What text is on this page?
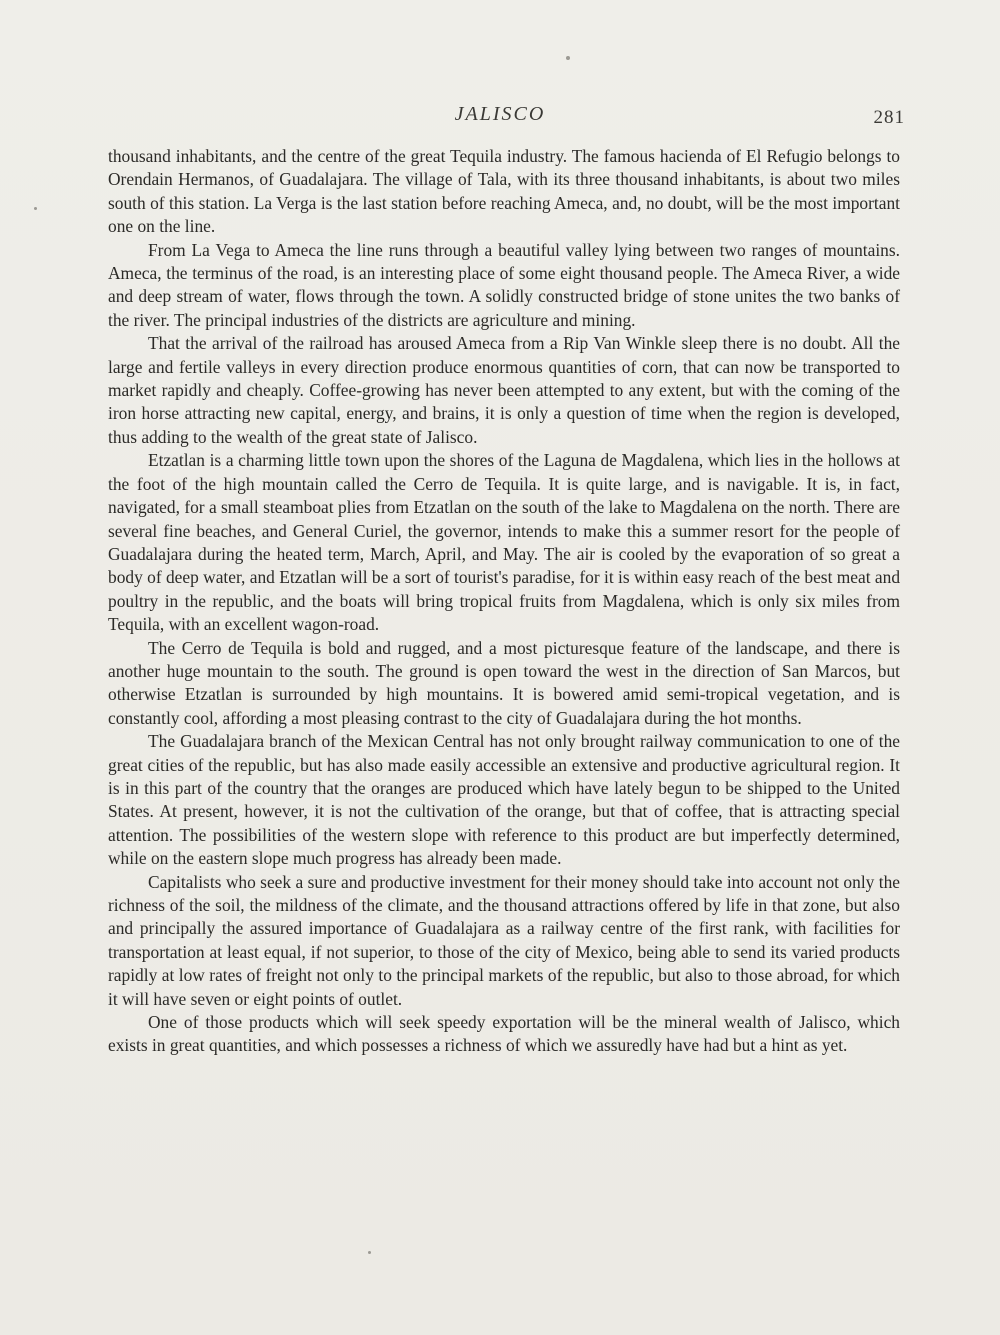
JALISCO	281

thousand inhabitants, and the centre of the great Tequila industry. The famous hacienda of El Refugio belongs to Orendain Hermanos, of Guadalajara. The village of Tala, with its three thousand inhabitants, is about two miles south of this station. La Verga is the last station before reaching Ameca, and, no doubt, will be the most important one on the line.

From La Vega to Ameca the line runs through a beautiful valley lying between two ranges of mountains. Ameca, the terminus of the road, is an interesting place of some eight thousand people. The Ameca River, a wide and deep stream of water, flows through the town. A solidly constructed bridge of stone unites the two banks of the river. The principal industries of the districts are agriculture and mining.

That the arrival of the railroad has aroused Ameca from a Rip Van Winkle sleep there is no doubt. All the large and fertile valleys in every direction produce enormous quantities of corn, that can now be transported to market rapidly and cheaply. Coffee-growing has never been attempted to any extent, but with the coming of the iron horse attracting new capital, energy, and brains, it is only a question of time when the region is developed, thus adding to the wealth of the great state of Jalisco.

Etzatlan is a charming little town upon the shores of the Laguna de Magdalena, which lies in the hollows at the foot of the high mountain called the Cerro de Tequila. It is quite large, and is navigable. It is, in fact, navigated, for a small steamboat plies from Etzatlan on the south of the lake to Magdalena on the north. There are several fine beaches, and General Curiel, the governor, intends to make this a summer resort for the people of Guadalajara during the heated term, March, April, and May. The air is cooled by the evaporation of so great a body of deep water, and Etzatlan will be a sort of tourist's paradise, for it is within easy reach of the best meat and poultry in the republic, and the boats will bring tropical fruits from Magdalena, which is only six miles from Tequila, with an excellent wagon-road.

The Cerro de Tequila is bold and rugged, and a most picturesque feature of the landscape, and there is another huge mountain to the south. The ground is open toward the west in the direction of San Marcos, but otherwise Etzatlan is surrounded by high mountains. It is bowered amid semi-tropical vegetation, and is constantly cool, affording a most pleasing contrast to the city of Guadalajara during the hot months.

The Guadalajara branch of the Mexican Central has not only brought railway communication to one of the great cities of the republic, but has also made easily accessible an extensive and productive agricultural region. It is in this part of the country that the oranges are produced which have lately begun to be shipped to the United States. At present, however, it is not the cultivation of the orange, but that of coffee, that is attracting special attention. The possibilities of the western slope with reference to this product are but imperfectly determined, while on the eastern slope much progress has already been made.

Capitalists who seek a sure and productive investment for their money should take into account not only the richness of the soil, the mildness of the climate, and the thousand attractions offered by life in that zone, but also and principally the assured importance of Guadalajara as a railway centre of the first rank, with facilities for transportation at least equal, if not superior, to those of the city of Mexico, being able to send its varied products rapidly at low rates of freight not only to the principal markets of the republic, but also to those abroad, for which it will have seven or eight points of outlet.

One of those products which will seek speedy exportation will be the mineral wealth of Jalisco, which exists in great quantities, and which possesses a richness of which we assuredly have had but a hint as yet.
